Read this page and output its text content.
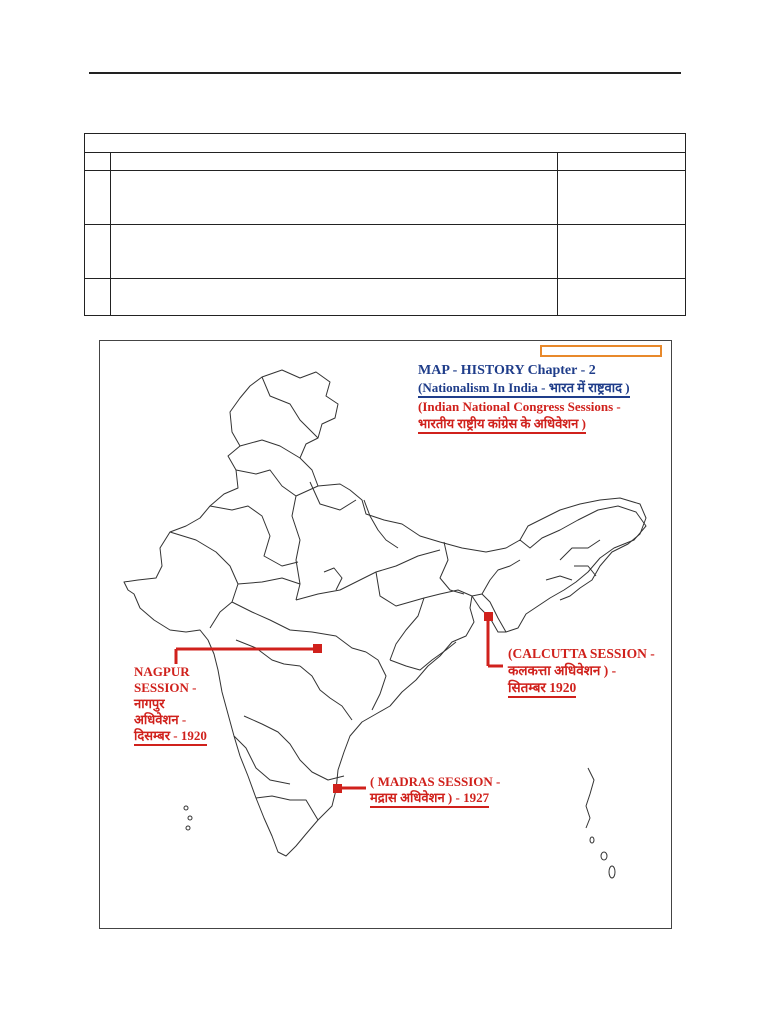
MAP - HISTORY Chapter - 2
(Nationalism In India - भारत में राष्ट्रवाद )
(Indian National Congress Sessions -
भारतीय राष्ट्रीय कांग्रेस के अधिवेशन )
NAGPUR
SESSION -
नागपुर
अधिवेशन -
दिसम्बर - 1920
(CALCUTTA SESSION -
कलकत्ता अधिवेशन ) -
सितम्बर 1920
( MADRAS SESSION -
मद्रास अधिवेशन ) - 1927
